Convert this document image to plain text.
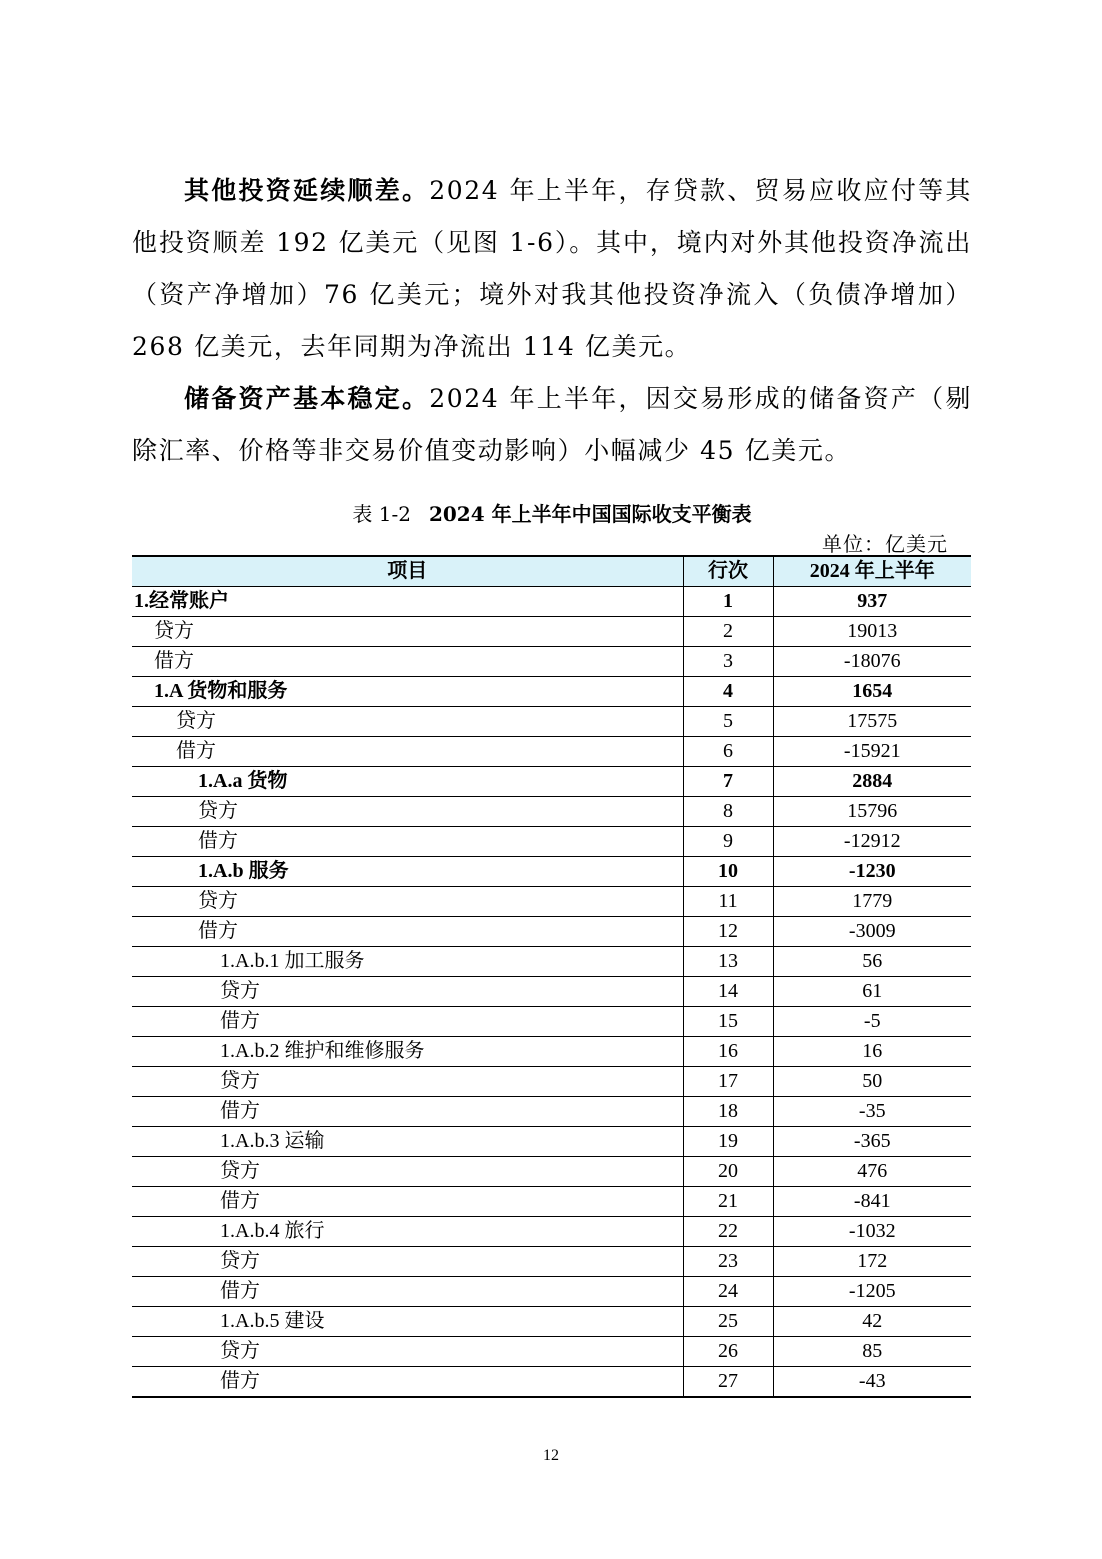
其他投资延续顺差。2024 年上半年，存贷款、贸易应收应付等其他投资顺差 192 亿美元（见图 1-6）。其中，境内对外其他投资净流出（资产净增加）76 亿美元；境外对我其他投资净流入（负债净增加）268 亿美元，去年同期为净流出 114 亿美元。

储备资产基本稳定。2024 年上半年，因交易形成的储备资产（剔除汇率、价格等非交易价值变动影响）小幅减少 45 亿美元。

表 1-2 2024 年上半年中国国际收支平衡表
单位：亿美元
项目	行次	2024 年上半年
1.经常账户	1	937
贷方	2	19013
借方	3	-18076
1.A 货物和服务	4	1654
贷方	5	17575
借方	6	-15921
1.A.a 货物	7	2884
贷方	8	15796
借方	9	-12912
1.A.b 服务	10	-1230
贷方	11	1779
借方	12	-3009
1.A.b.1 加工服务	13	56
贷方	14	61
借方	15	-5
1.A.b.2 维护和维修服务	16	16
贷方	17	50
借方	18	-35
1.A.b.3 运输	19	-365
贷方	20	476
借方	21	-841
1.A.b.4 旅行	22	-1032
贷方	23	172
借方	24	-1205
1.A.b.5 建设	25	42
贷方	26	85
借方	27	-43
12
